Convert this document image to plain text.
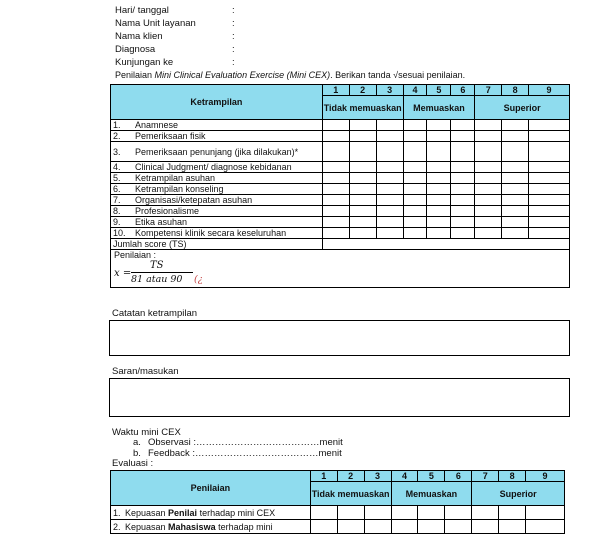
Hari/ tanggal	:
Nama Unit layanan	:
Nama klien	:
Diagnosa	:
Kunjungan ke	:
Penilaian Mini Clinical Evaluation Exercise (Mini CEX). Berikan tanda √sesuai penilaian.
Ketrampilan	1	2	3	4	5	6	7	8	9
	Tidak memuaskan			Memuaskan			Superior		
1. Anamnese									
2. Pemeriksaan fisik									
3. Pemeriksaan penunjang (jika dilakukan)*									
4. Clinical Judgment/ diagnose kebidanan									
5. Ketrampilan asuhan									
6. Ketrampilan konseling									
7. Organisasi/ketepatan asuhan									
8. Profesionalisme									
9. Etika asuhan									
10. Kompetensi klinik secara keseluruhan									
Jumlah score (TS)									

Penilaian :
x =
TS
81 atau 90 (¿									
Catatan ketrampilan
Saran/masukan
Waktu mini CEX
a. Observasi :…………………………………menit
b. Feedback :…………………………………menit
Evaluasi :
Penilaian	1	2	3	4	5	6	7	8	9
	Tidak memuaskan			Memuaskan			Superior		
1. Kepuasan Penilai terhadap mini CEX									
2. Kepuasan Mahasiswa terhadap mini									
